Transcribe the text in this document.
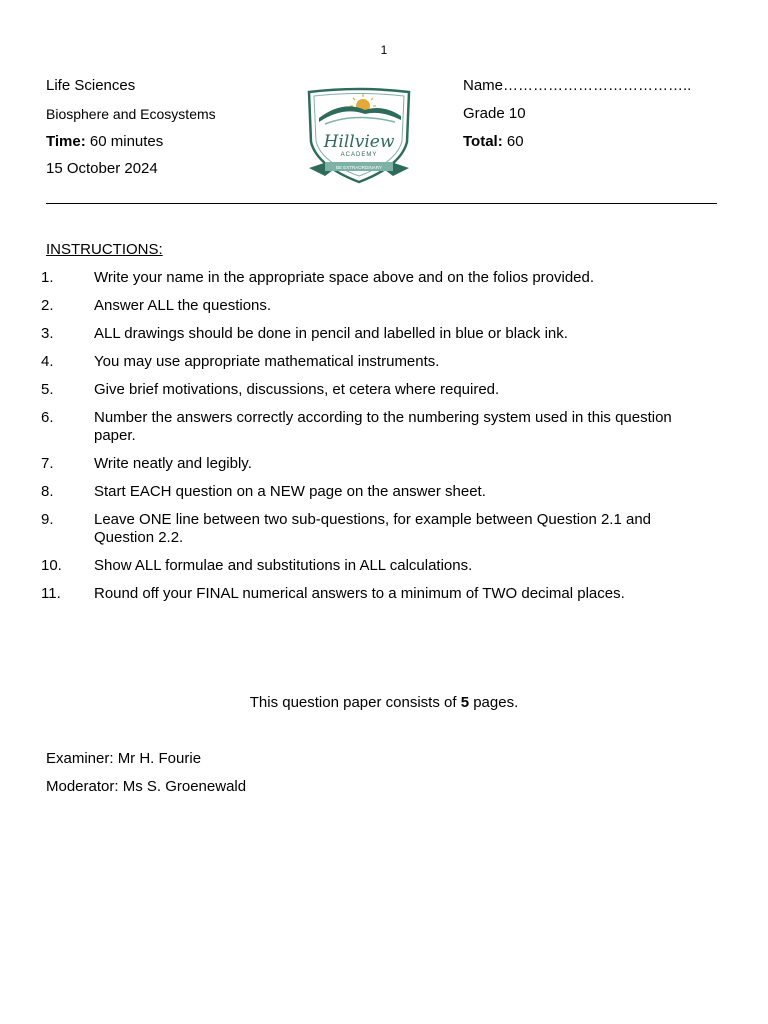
1
Life Sciences
Biosphere and Ecosystems
Time: 60 minutes
15 October 2024
Name………………………………..
Grade 10
Total: 60
Hillview
ACADEMY
BE EXTRAORDINARY
INSTRUCTIONS:
1.	Write your name in the appropriate space above and on the folios provided.
2.	Answer ALL the questions.
3.	ALL drawings should be done in pencil and labelled in blue or black ink.
4.	You may use appropriate mathematical instruments.
5.	Give brief motivations, discussions, et cetera where required.
6.	Number the answers correctly according to the numbering system used in this question paper.
7.	Write neatly and legibly.
8.	Start EACH question on a NEW page on the answer sheet.
9.	Leave ONE line between two sub-questions, for example between Question 2.1 and Question 2.2.
10.	Show ALL formulae and substitutions in ALL calculations.
11.	Round off your FINAL numerical answers to a minimum of TWO decimal places.
This question paper consists of 5 pages.
Examiner: Mr H. Fourie
Moderator: Ms S. Groenewald
